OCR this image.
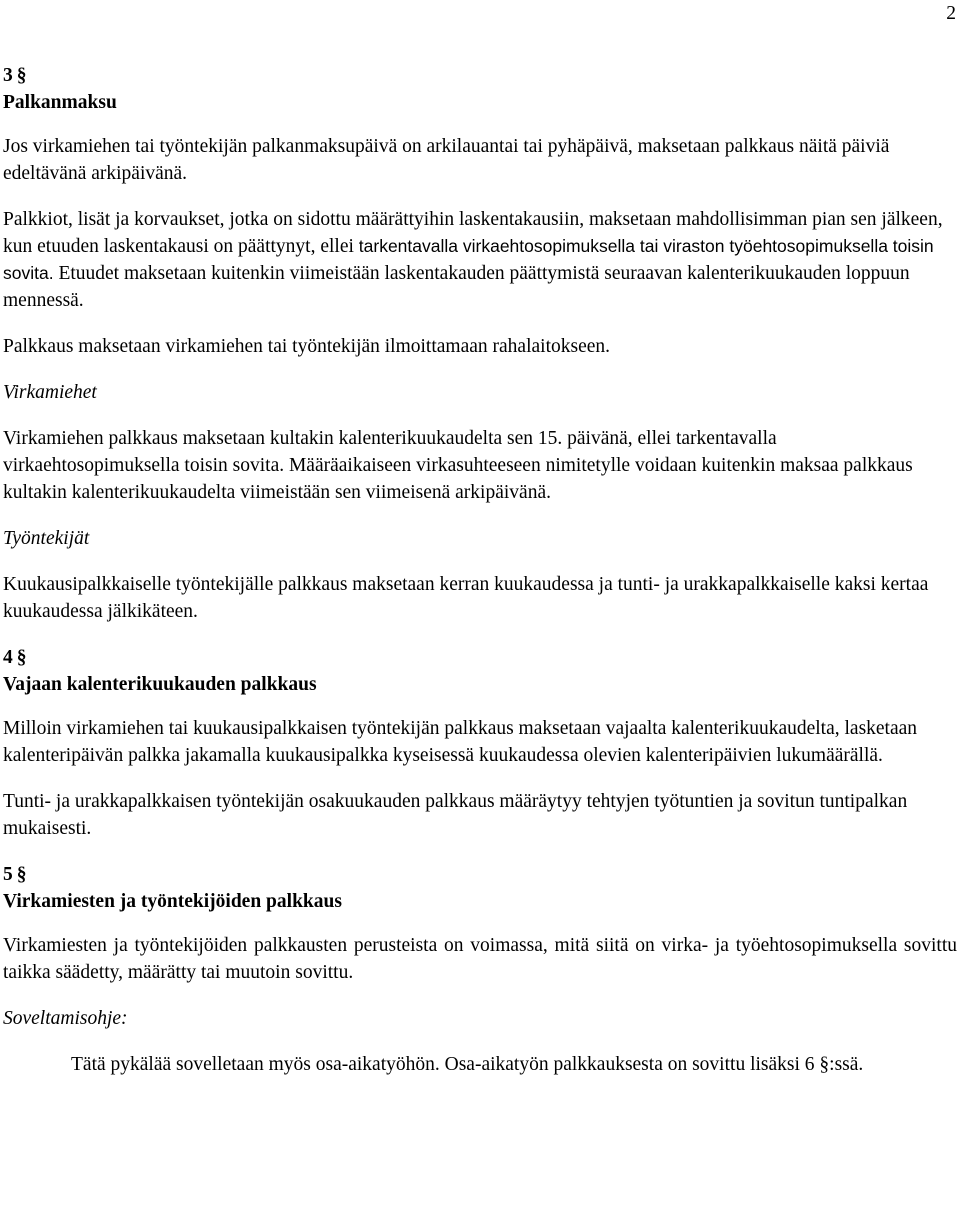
2
3 §
Palkanmaksu

Jos virkamiehen tai työntekijän palkanmaksupäivä on arkilauantai tai pyhäpäivä, maksetaan palkkaus näitä päiviä edeltävänä arkipäivänä.

Palkkiot, lisät ja korvaukset, jotka on sidottu määrättyihin laskentakausiin, maksetaan mahdollisimman pian sen jälkeen, kun etuuden laskentakausi on päättynyt, ellei tarkentavalla virkaehtosopimuksella tai viraston työehtosopimuksella toisin sovita. Etuudet maksetaan kuitenkin viimeistään laskentakauden päättymistä seuraavan kalenterikuukauden loppuun mennessä.

Palkkaus maksetaan virkamiehen tai työntekijän ilmoittamaan rahalaitokseen.

Virkamiehet

Virkamiehen palkkaus maksetaan kultakin kalenterikuukaudelta sen 15. päivänä, ellei tarkentavalla virkaehtosopimuksella toisin sovita. Määräaikaiseen virkasuhteeseen nimitetylle voidaan kuitenkin maksaa palkkaus kultakin kalenterikuukaudelta viimeistään sen viimeisenä arkipäivänä.

Työntekijät

Kuukausipalkkaiselle työntekijälle palkkaus maksetaan kerran kuukaudessa ja tunti- ja urakkapalkkaiselle kaksi kertaa kuukaudessa jälkikäteen.

4 §
Vajaan kalenterikuukauden palkkaus

Milloin virkamiehen tai kuukausipalkkaisen työntekijän palkkaus maksetaan vajaalta kalenterikuukaudelta, lasketaan kalenteripäivän palkka jakamalla kuukausipalkka kyseisessä kuukaudessa olevien kalenteripäivien lukumäärällä.

Tunti- ja urakkapalkkaisen työntekijän osakuukauden palkkaus määräytyy tehtyjen työtuntien ja sovitun tuntipalkan mukaisesti.

5 §
Virkamiesten ja työntekijöiden palkkaus

Virkamiesten ja työntekijöiden palkkausten perusteista on voimassa, mitä siitä on virka- ja työehtosopimuksella sovittu taikka säädetty, määrätty tai muutoin sovittu.

Soveltamisohje:
Tätä pykälää sovelletaan myös osa-aikatyöhön. Osa-aikatyön palkkauksesta on sovittu lisäksi 6 §:ssä.
